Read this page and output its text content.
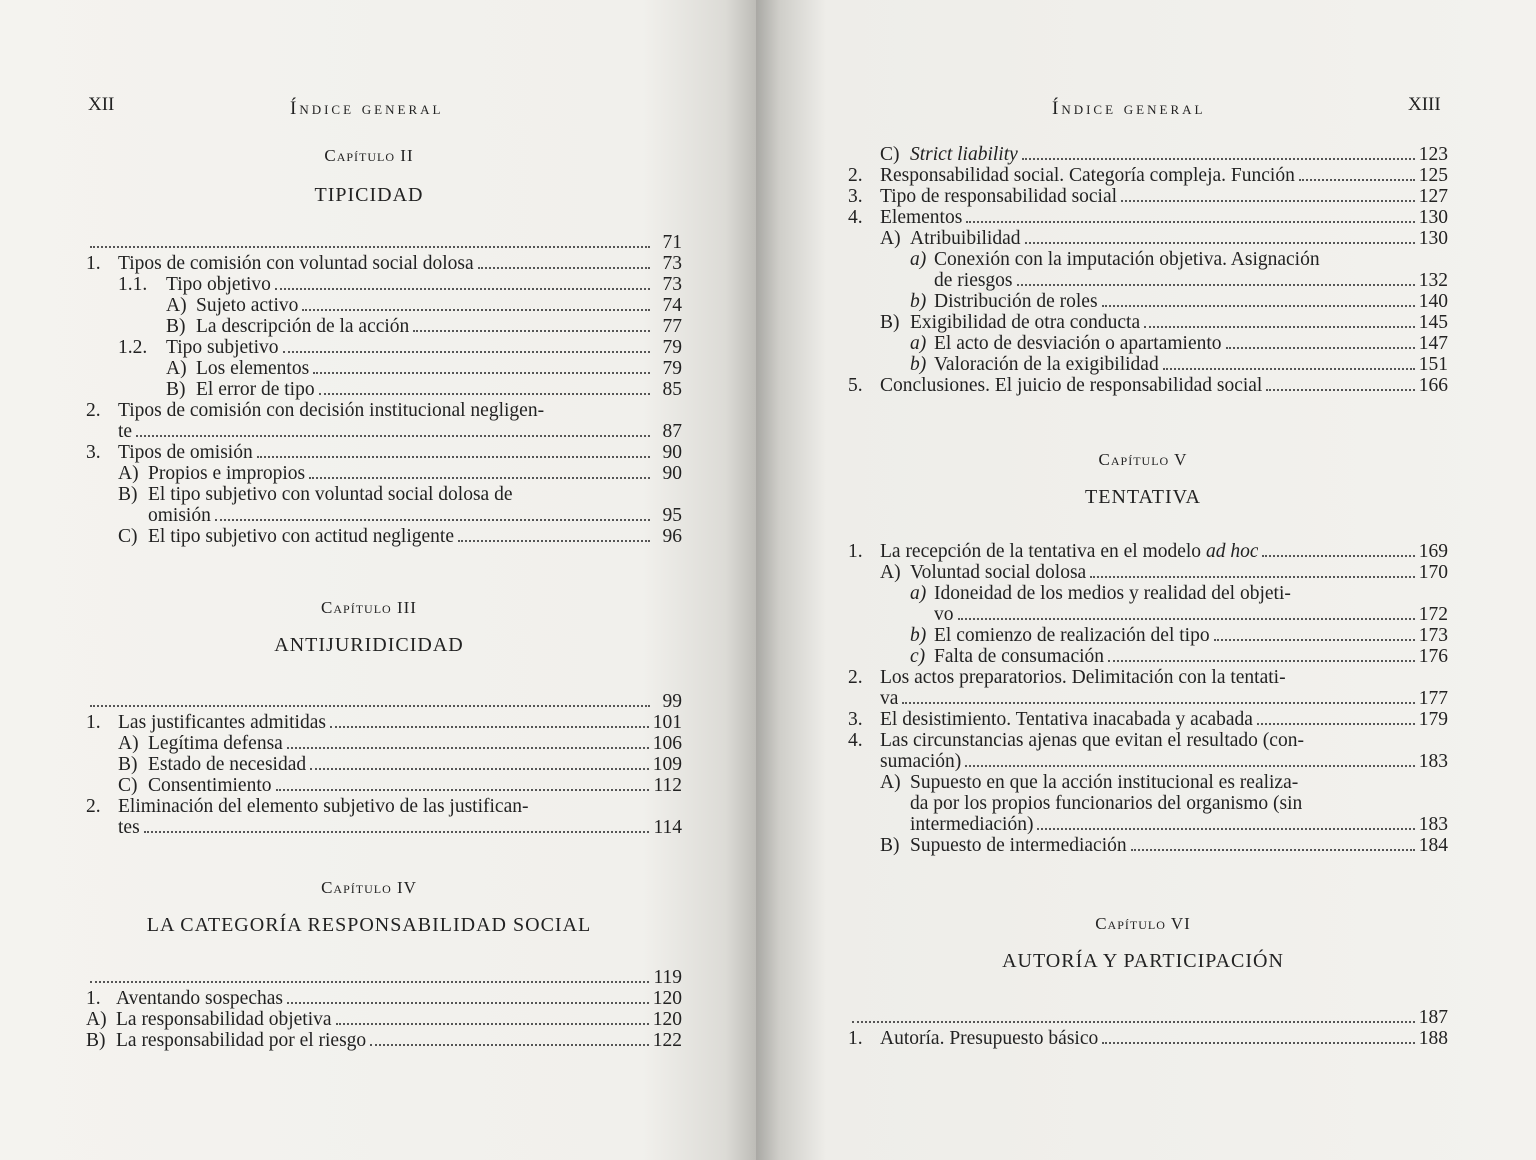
XII	Índice general

Capítulo II

TIPICIDAD

71
1. Tipos de comisión con voluntad social dolosa	73
1.1. Tipo objetivo	73
A) Sujeto activo	74
B) La descripción de la acción	77
1.2. Tipo subjetivo	79
A) Los elementos	79
B) El error de tipo	85
2. Tipos de comisión con decisión institucional negligen-
te	87
3. Tipos de omisión	90
A) Propios e impropios	90
B) El tipo subjetivo con voluntad social dolosa de
omisión	95
C) El tipo subjetivo con actitud negligente	96

Capítulo III

ANTIJURIDICIDAD

99
1. Las justificantes admitidas	101
A) Legítima defensa	106
B) Estado de necesidad	109
C) Consentimiento	112
2. Eliminación del elemento subjetivo de las justifican-
tes	114

Capítulo IV

LA CATEGORÍA RESPONSABILIDAD SOCIAL

119
1. Aventando sospechas	120
A) La responsabilidad objetiva	120
B) La responsabilidad por el riesgo	122
Índice general	XIII
C) Strict liability	123
2. Responsabilidad social. Categoría compleja. Función	125
3. Tipo de responsabilidad social	127
4. Elementos	130
A) Atribuibilidad	130
a) Conexión con la imputación objetiva. Asignación
de riesgos	132
b) Distribución de roles	140
B) Exigibilidad de otra conducta	145
a) El acto de desviación o apartamiento	147
b) Valoración de la exigibilidad	151
5. Conclusiones. El juicio de responsabilidad social	166

Capítulo V

TENTATIVA

1. La recepción de la tentativa en el modelo ad hoc	169
A) Voluntad social dolosa	170
a) Idoneidad de los medios y realidad del objeti-
vo	172
b) El comienzo de realización del tipo	173
c) Falta de consumación	176
2. Los actos preparatorios. Delimitación con la tentati-
va	177
3. El desistimiento. Tentativa inacabada y acabada	179
4. Las circunstancias ajenas que evitan el resultado (con-
sumación)	183
A) Supuesto en que la acción institucional es realiza-
da por los propios funcionarios del organismo (sin
intermediación)	183
B) Supuesto de intermediación	184

Capítulo VI

AUTORÍA Y PARTICIPACIÓN

187
1. Autoría. Presupuesto básico	188
